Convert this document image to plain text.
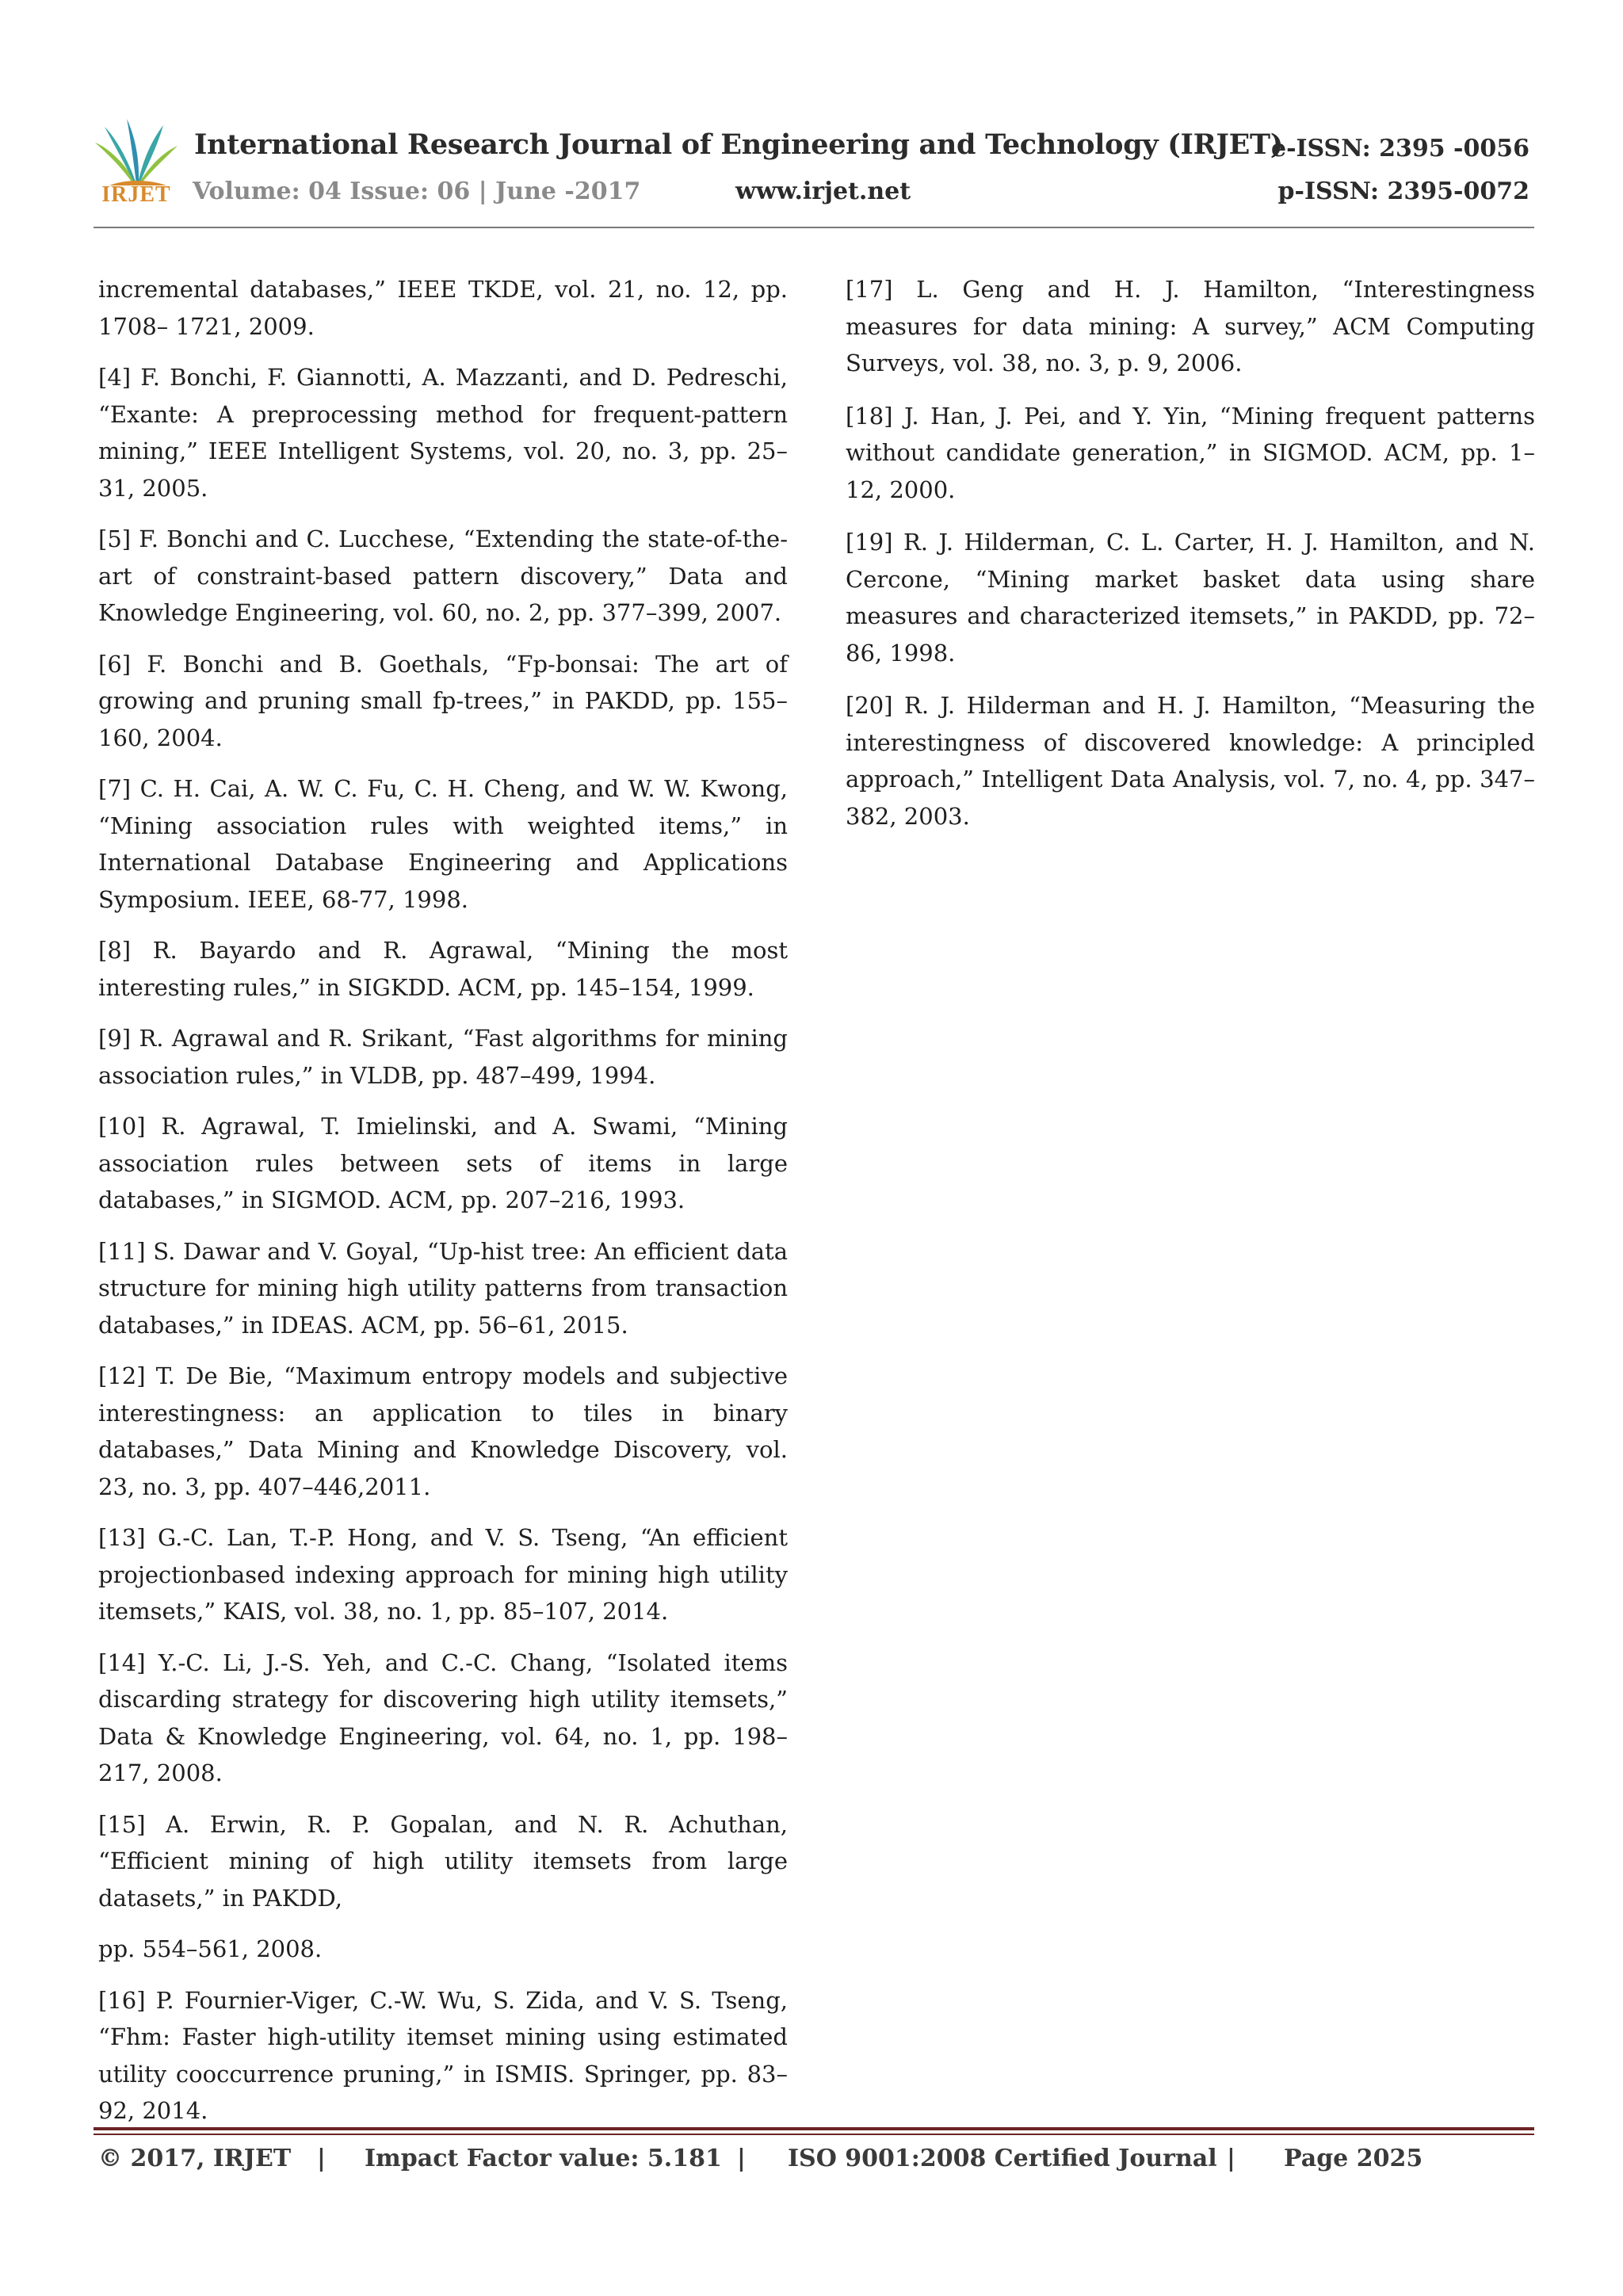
IRJET
International Research Journal of Engineering and Technology (IRJET)
e-ISSN: 2395 -0056
Volume: 04 Issue: 06 | June -2017	www.irjet.net	p-ISSN: 2395-0072

incremental databases,” IEEE TKDE, vol. 21, no. 12, pp. 1708– 1721, 2009.

[4] F. Bonchi, F. Giannotti, A. Mazzanti, and D. Pedreschi, “Exante: A preprocessing method for frequent-pattern mining,” IEEE Intelligent Systems, vol. 20, no. 3, pp. 25–31, 2005.

[5] F. Bonchi and C. Lucchese, “Extending the state-of-the-art of constraint-based pattern discovery,” Data and Knowledge Engineering, vol. 60, no. 2, pp. 377–399, 2007.

[6] F. Bonchi and B. Goethals, “Fp-bonsai: The art of growing and pruning small fp-trees,” in PAKDD, pp. 155–160, 2004.

[7] C. H. Cai, A. W. C. Fu, C. H. Cheng, and W. W. Kwong, “Mining association rules with weighted items,” in International Database Engineering and Applications Symposium. IEEE, 68-77, 1998.

[8] R. Bayardo and R. Agrawal, “Mining the most interesting rules,” in SIGKDD. ACM, pp. 145–154, 1999.

[9] R. Agrawal and R. Srikant, “Fast algorithms for mining association rules,” in VLDB, pp. 487–499, 1994.

[10] R. Agrawal, T. Imielinski, and A. Swami, “Mining association rules between sets of items in large databases,” in SIGMOD. ACM, pp. 207–216, 1993.

[11] S. Dawar and V. Goyal, “Up-hist tree: An efficient data structure for mining high utility patterns from transaction databases,” in IDEAS. ACM, pp. 56–61, 2015.

[12] T. De Bie, “Maximum entropy models and subjective interestingness: an application to tiles in binary databases,” Data Mining and Knowledge Discovery, vol. 23, no. 3, pp. 407–446,2011.

[13] G.-C. Lan, T.-P. Hong, and V. S. Tseng, “An efficient projectionbased indexing approach for mining high utility itemsets,” KAIS, vol. 38, no. 1, pp. 85–107, 2014.

[14] Y.-C. Li, J.-S. Yeh, and C.-C. Chang, “Isolated items discarding strategy for discovering high utility itemsets,” Data & Knowledge Engineering, vol. 64, no. 1, pp. 198–217, 2008.

[15] A. Erwin, R. P. Gopalan, and N. R. Achuthan, “Efficient mining of high utility itemsets from large datasets,” in PAKDD,

pp. 554–561, 2008.

[16] P. Fournier-Viger, C.-W. Wu, S. Zida, and V. S. Tseng, “Fhm: Faster high-utility itemset mining using estimated utility cooccurrence pruning,” in ISMIS. Springer, pp. 83–92, 2014.

[17] L. Geng and H. J. Hamilton, “Interestingness measures for data mining: A survey,” ACM Computing Surveys, vol. 38, no. 3, p. 9, 2006.

[18] J. Han, J. Pei, and Y. Yin, “Mining frequent patterns without candidate generation,” in SIGMOD. ACM, pp. 1–12, 2000.

[19] R. J. Hilderman, C. L. Carter, H. J. Hamilton, and N. Cercone, “Mining market basket data using share measures and characterized itemsets,” in PAKDD, pp. 72–86, 1998.

[20] R. J. Hilderman and H. J. Hamilton, “Measuring the interestingness of discovered knowledge: A principled approach,” Intelligent Data Analysis, vol. 7, no. 4, pp. 347–382, 2003.

© 2017, IRJET | Impact Factor value: 5.181 | ISO 9001:2008 Certified Journal | Page 2025
